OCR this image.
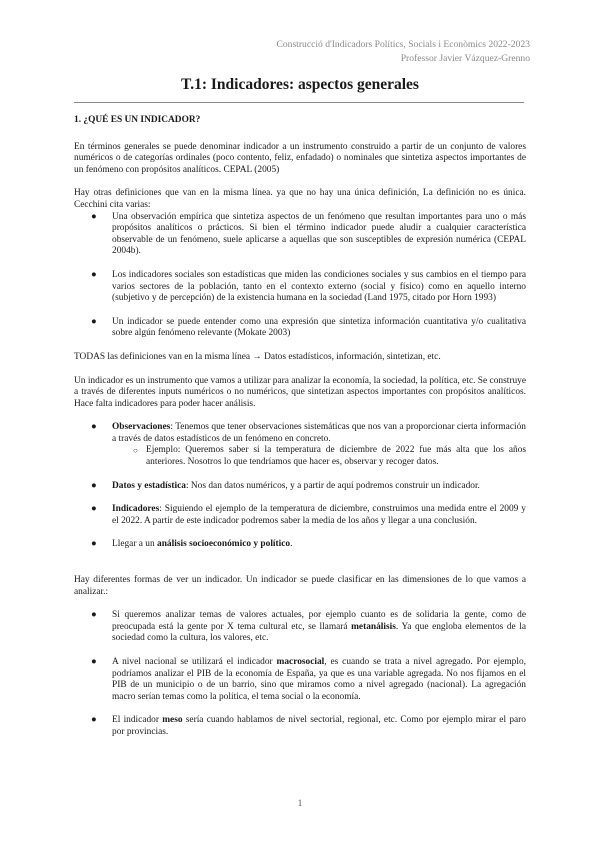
Construcció d'Indicadors Polítics, Socials i Econòmics 2022-2023
Professor Javier Vázquez-Grenno
T.1: Indicadores: aspectos generales

1. ¿QUÉ ES UN INDICADOR?

En términos generales se puede denominar indicador a un instrumento construido a partir de un conjunto de valores numéricos o de categorías ordinales (poco contento, feliz, enfadado) o nominales que sintetiza aspectos importantes de un fenómeno con propósitos analíticos. CEPAL (2005)

Hay otras definiciones que van en la misma línea. ya que no hay una única definición, La definición no es única. Cecchini cita varias:

● Una observación empírica que sintetiza aspectos de un fenómeno que resultan importantes para uno o más propósitos analíticos o prácticos. Si bien el término indicador puede aludir a cualquier característica observable de un fenómeno, suele aplicarse a aquellas que son susceptibles de expresión numérica (CEPAL 2004b).
● Los indicadores sociales son estadísticas que miden las condiciones sociales y sus cambios en el tiempo para varios sectores de la población, tanto en el contexto externo (social y físico) como en aquello interno (subjetivo y de percepción) de la existencia humana en la sociedad (Land 1975, citado por Horn 1993)
● Un indicador se puede entender como una expresión que sintetiza información cuantitativa y/o cualitativa sobre algún fenómeno relevante (Mokate 2003)

TODAS las definiciones van en la misma línea → Datos estadísticos, información, sintetizan, etc.

Un indicador es un instrumento que vamos a utilizar para analizar la economía, la sociedad, la política, etc. Se construye a través de diferentes inputs numéricos o no numéricos, que sintetizan aspectos importantes con propósitos analíticos. Hace falta indicadores para poder hacer análisis.

● Observaciones: Tenemos que tener observaciones sistemáticas que nos van a proporcionar cierta información a través de datos estadísticos de un fenómeno en concreto.
○ Ejemplo: Queremos saber si la temperatura de diciembre de 2022 fue más alta que los años anteriores. Nosotros lo que tendríamos que hacer es, observar y recoger datos.
● Datos y estadística: Nos dan datos numéricos, y a partir de aquí podremos construir un indicador.
● Indicadores: Siguiendo el ejemplo de la temperatura de diciembre, construimos una medida entre el 2009 y el 2022. A partir de este indicador podremos saber la media de los años y llegar a una conclusión.
● Llegar a un análisis socioeconómico y político.

Hay diferentes formas de ver un indicador. Un indicador se puede clasificar en las dimensiones de lo que vamos a analizar.:

● Si queremos analizar temas de valores actuales, por ejemplo cuanto es de solidaria la gente, como de preocupada está la gente por X tema cultural etc, se llamará metanálisis. Ya que engloba elementos de la sociedad como la cultura, los valores, etc.
● A nivel nacional se utilizará el indicador macrosocial, es cuando se trata a nivel agregado. Por ejemplo, podríamos analizar el PIB de la economía de España, ya que es una variable agregada. No nos fijamos en el PIB de un municipio o de un barrio, sino que miramos como a nivel agregado (nacional). La agregación macro serían temas como la política, el tema social o la economía.
● El indicador meso sería cuando hablamos de nivel sectorial, regional, etc. Como por ejemplo mirar el paro por provincias.
1
